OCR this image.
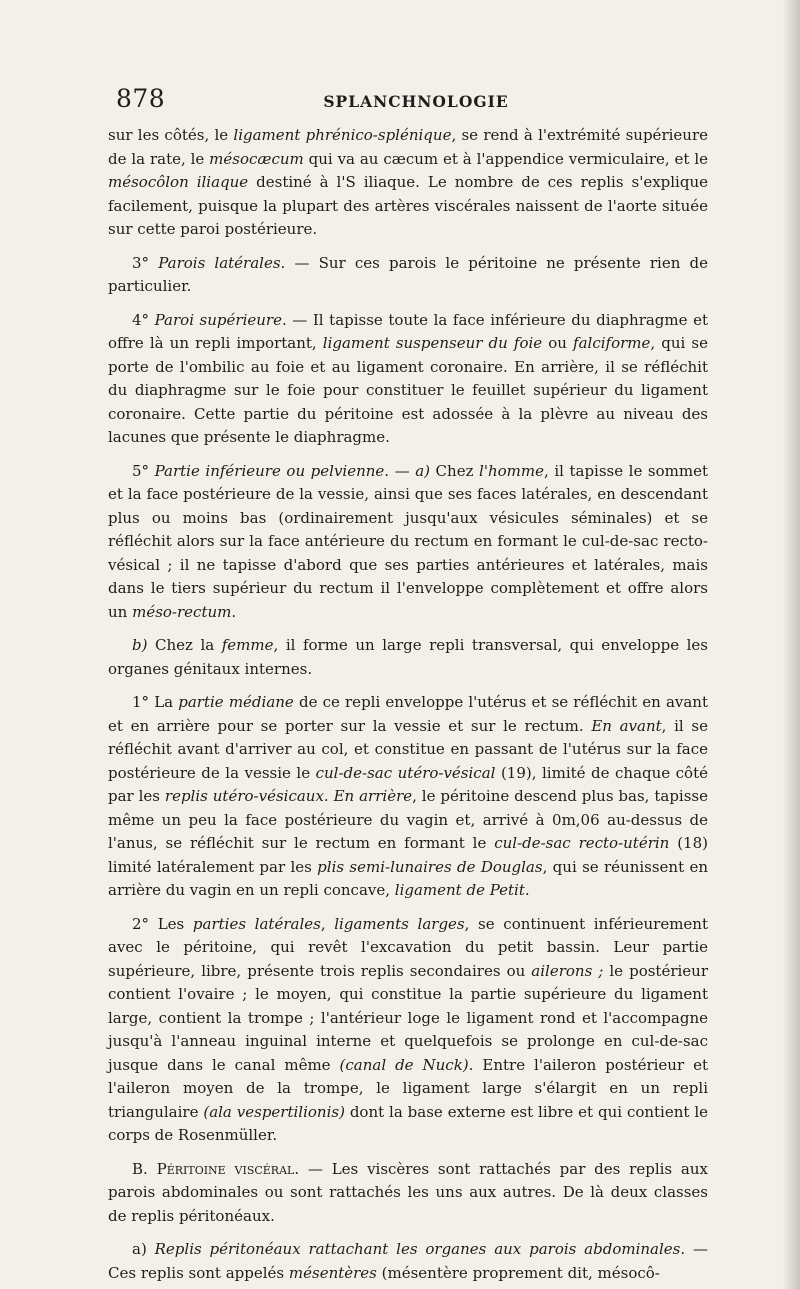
878	SPLANCHNOLOGIE

sur les côtés, le ligament phrénico-splénique, se rend à l'extrémité supérieure de la rate, le mésocæcum qui va au cæcum et à l'appendice vermiculaire, et le mésocôlon iliaque destiné à l'S iliaque. Le nombre de ces replis s'explique facilement, puisque la plupart des artères viscérales naissent de l'aorte située sur cette paroi postérieure.

3° Parois latérales. — Sur ces parois le péritoine ne présente rien de particulier.

4° Paroi supérieure. — Il tapisse toute la face inférieure du diaphragme et offre là un repli important, ligament suspenseur du foie ou falciforme, qui se porte de l'ombilic au foie et au ligament coronaire. En arrière, il se réfléchit du diaphragme sur le foie pour constituer le feuillet supérieur du ligament coronaire. Cette partie du péritoine est adossée à la plèvre au niveau des lacunes que présente le diaphragme.

5° Partie inférieure ou pelvienne. — a) Chez l'homme, il tapisse le sommet et la face postérieure de la vessie, ainsi que ses faces latérales, en descendant plus ou moins bas (ordinairement jusqu'aux vésicules séminales) et se réfléchit alors sur la face antérieure du rectum en formant le cul-de-sac recto-vésical ; il ne tapisse d'abord que ses parties antérieures et latérales, mais dans le tiers supérieur du rectum il l'enveloppe complètement et offre alors un méso-rectum.

b) Chez la femme, il forme un large repli transversal, qui enveloppe les organes génitaux internes.

1° La partie médiane de ce repli enveloppe l'utérus et se réfléchit en avant et en arrière pour se porter sur la vessie et sur le rectum. En avant, il se réfléchit avant d'arriver au col, et constitue en passant de l'utérus sur la face postérieure de la vessie le cul-de-sac utéro-vésical (19), limité de chaque côté par les replis utéro-vésicaux. En arrière, le péritoine descend plus bas, tapisse même un peu la face postérieure du vagin et, arrivé à 0m,06 au-dessus de l'anus, se réfléchit sur le rectum en formant le cul-de-sac recto-utérin (18) limité latéralement par les plis semi-lunaires de Douglas, qui se réunissent en arrière du vagin en un repli concave, ligament de Petit.

2° Les parties latérales, ligaments larges, se continuent inférieurement avec le péritoine, qui revêt l'excavation du petit bassin. Leur partie supérieure, libre, présente trois replis secondaires ou ailerons ; le postérieur contient l'ovaire ; le moyen, qui constitue la partie supérieure du ligament large, contient la trompe ; l'antérieur loge le ligament rond et l'accompagne jusqu'à l'anneau inguinal interne et quelquefois se prolonge en cul-de-sac jusque dans le canal même (canal de Nuck). Entre l'aileron postérieur et l'aileron moyen de la trompe, le ligament large s'élargit en un repli triangulaire (ala vespertilionis) dont la base externe est libre et qui contient le corps de Rosenmüller.

B. Péritoine viscéral. — Les viscères sont rattachés par des replis aux parois abdominales ou sont rattachés les uns aux autres. De là deux classes de replis péritonéaux.

a) Replis péritonéaux rattachant les organes aux parois abdominales. — Ces replis sont appelés mésentères (mésentère proprement dit, mésocô-
